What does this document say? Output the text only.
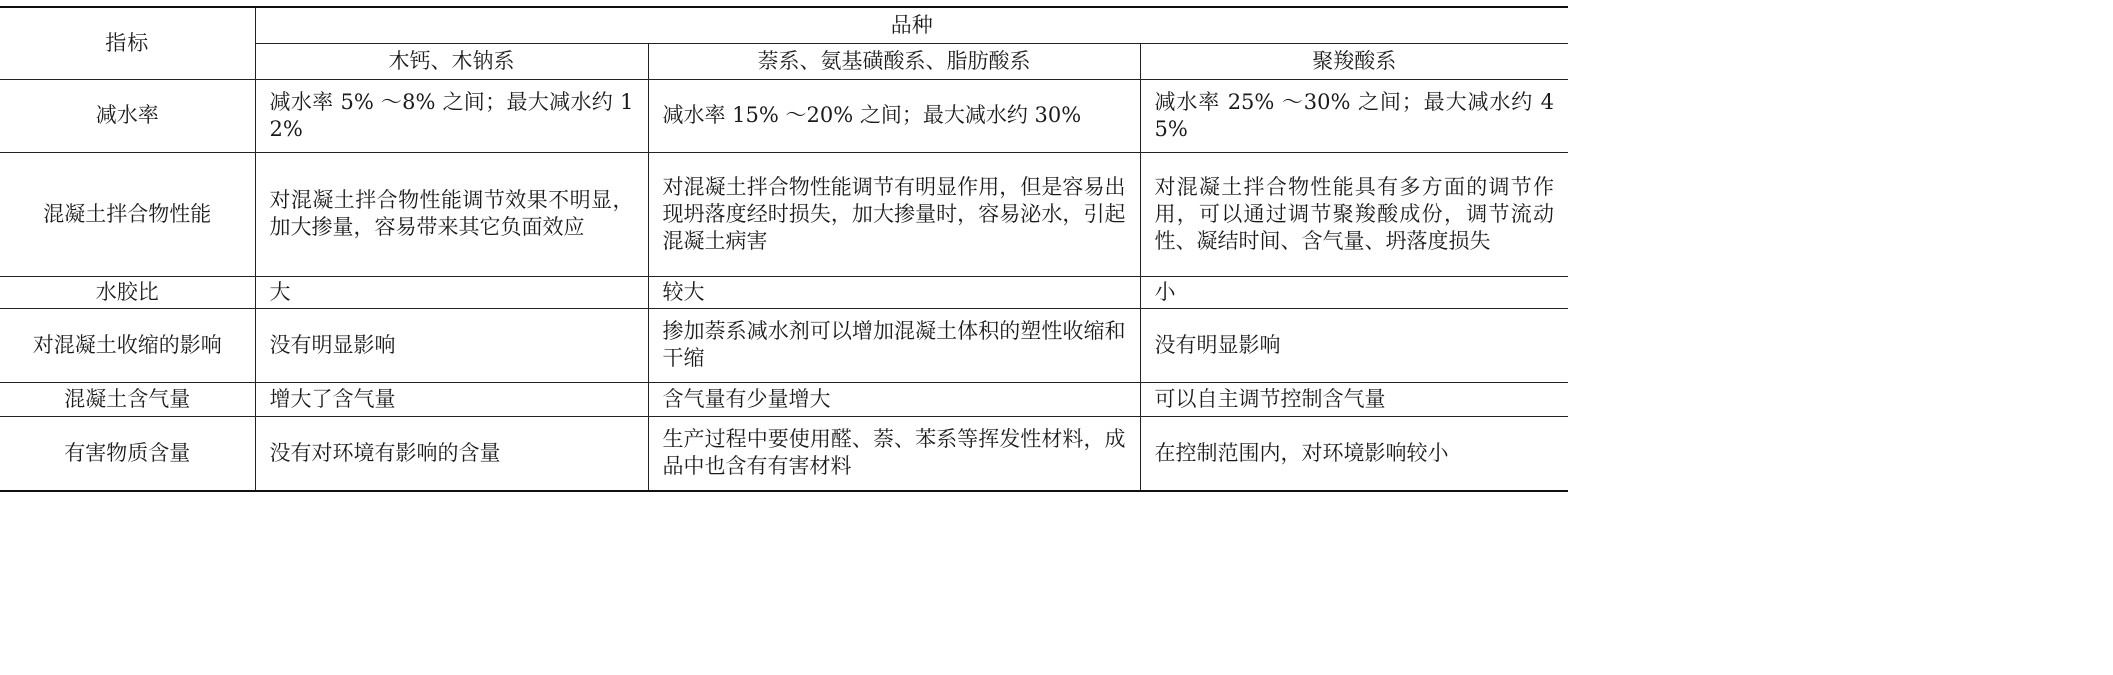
指标	品种		
	木钙、木钠系	萘系、氨基磺酸系、脂肪酸系	聚羧酸系
减水率	减水率 5% ～8% 之间；最大减水约 12%	减水率 15% ～20% 之间；最大减水约 30%	减水率 25% ～30% 之间；最大减水约 45%
混凝土拌合物性能	对混凝土拌合物性能调节效果不明显，加大掺量，容易带来其它负面效应	对混凝土拌合物性能调节有明显作用，但是容易出现坍落度经时损失，加大掺量时，容易泌水，引起混凝土病害	对混凝土拌合物性能具有多方面的调节作用，可以通过调节聚羧酸成份，调节流动性、凝结时间、含气量、坍落度损失
水胶比	大	较大	小
对混凝土收缩的影响	没有明显影响	掺加萘系减水剂可以增加混凝土体积的塑性收缩和干缩	没有明显影响
混凝土含气量	增大了含气量	含气量有少量增大	可以自主调节控制含气量
有害物质含量	没有对环境有影响的含量	生产过程中要使用醛、萘、苯系等挥发性材料，成品中也含有有害材料	在控制范围内，对环境影响较小
